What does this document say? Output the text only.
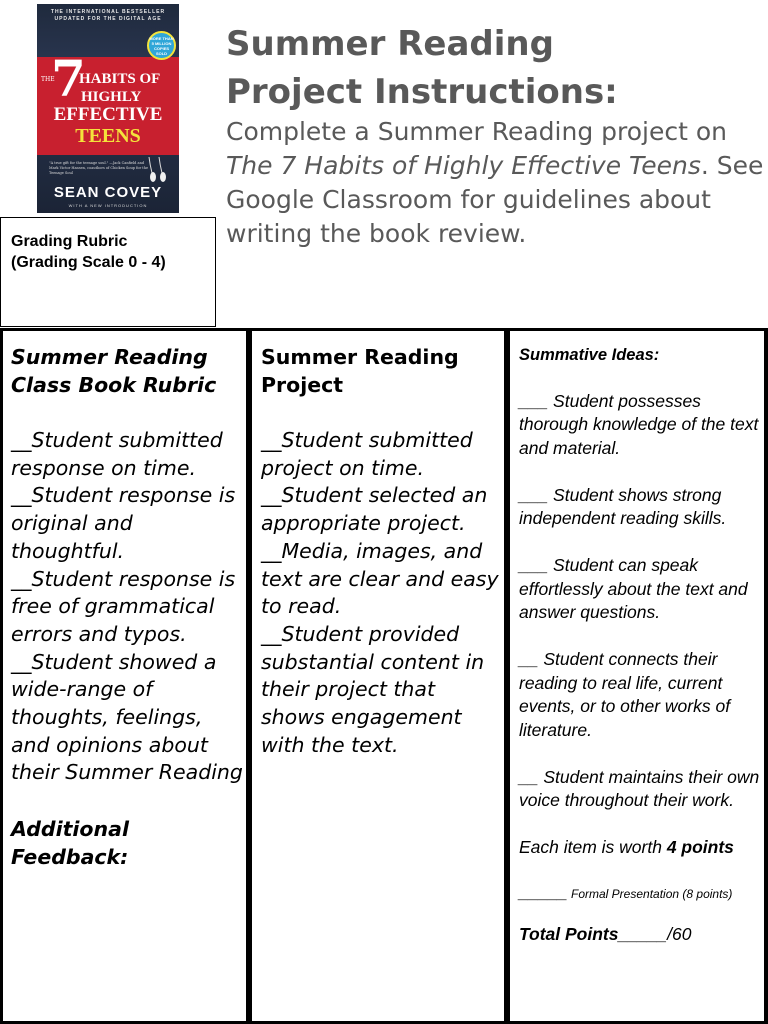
THE INTERNATIONAL BESTSELLER UPDATED FOR THE DIGITAL AGE
THE
7
HABITS OF
HIGHLY
EFFECTIVE
TEENS
MORE THAN 5 MILLION COPIES SOLD
"A true gift for the teenage soul." —Jack Canfield and Mark Victor Hansen, coauthors of Chicken Soup for the Teenage Soul
SEAN COVEY
WITH A NEW INTRODUCTION
Grading Rubric
(Grading Scale 0 - 4)
Summer Reading
Project Instructions:
Complete a Summer Reading project on The 7 Habits of Highly Effective Teens. See Google Classroom for guidelines about writing the book review.
Summer Reading Class Book Rubric
__Student submitted response on time.
__Student response is original and thoughtful.
__Student response is free of grammatical errors and typos.
__Student showed a wide-range of thoughts, feelings, and opinions about their Summer Reading
Additional Feedback:
Summer Reading Project
__Student submitted project on time.
__Student selected an appropriate project.
__Media, images, and text are clear and easy to read.
__Student provided substantial content in their project that shows engagement with the text.
Summative Ideas:
___ Student possesses thorough knowledge of the text and material.
___ Student shows strong independent reading skills.
___ Student can speak effortlessly about the text and answer questions.
__ Student connects their reading to real life, current events, or to other works of literature.
__ Student maintains their own voice throughout their work.
Each item is worth 4 points
_____ Formal Presentation (8 points)
Total Points_____/60
